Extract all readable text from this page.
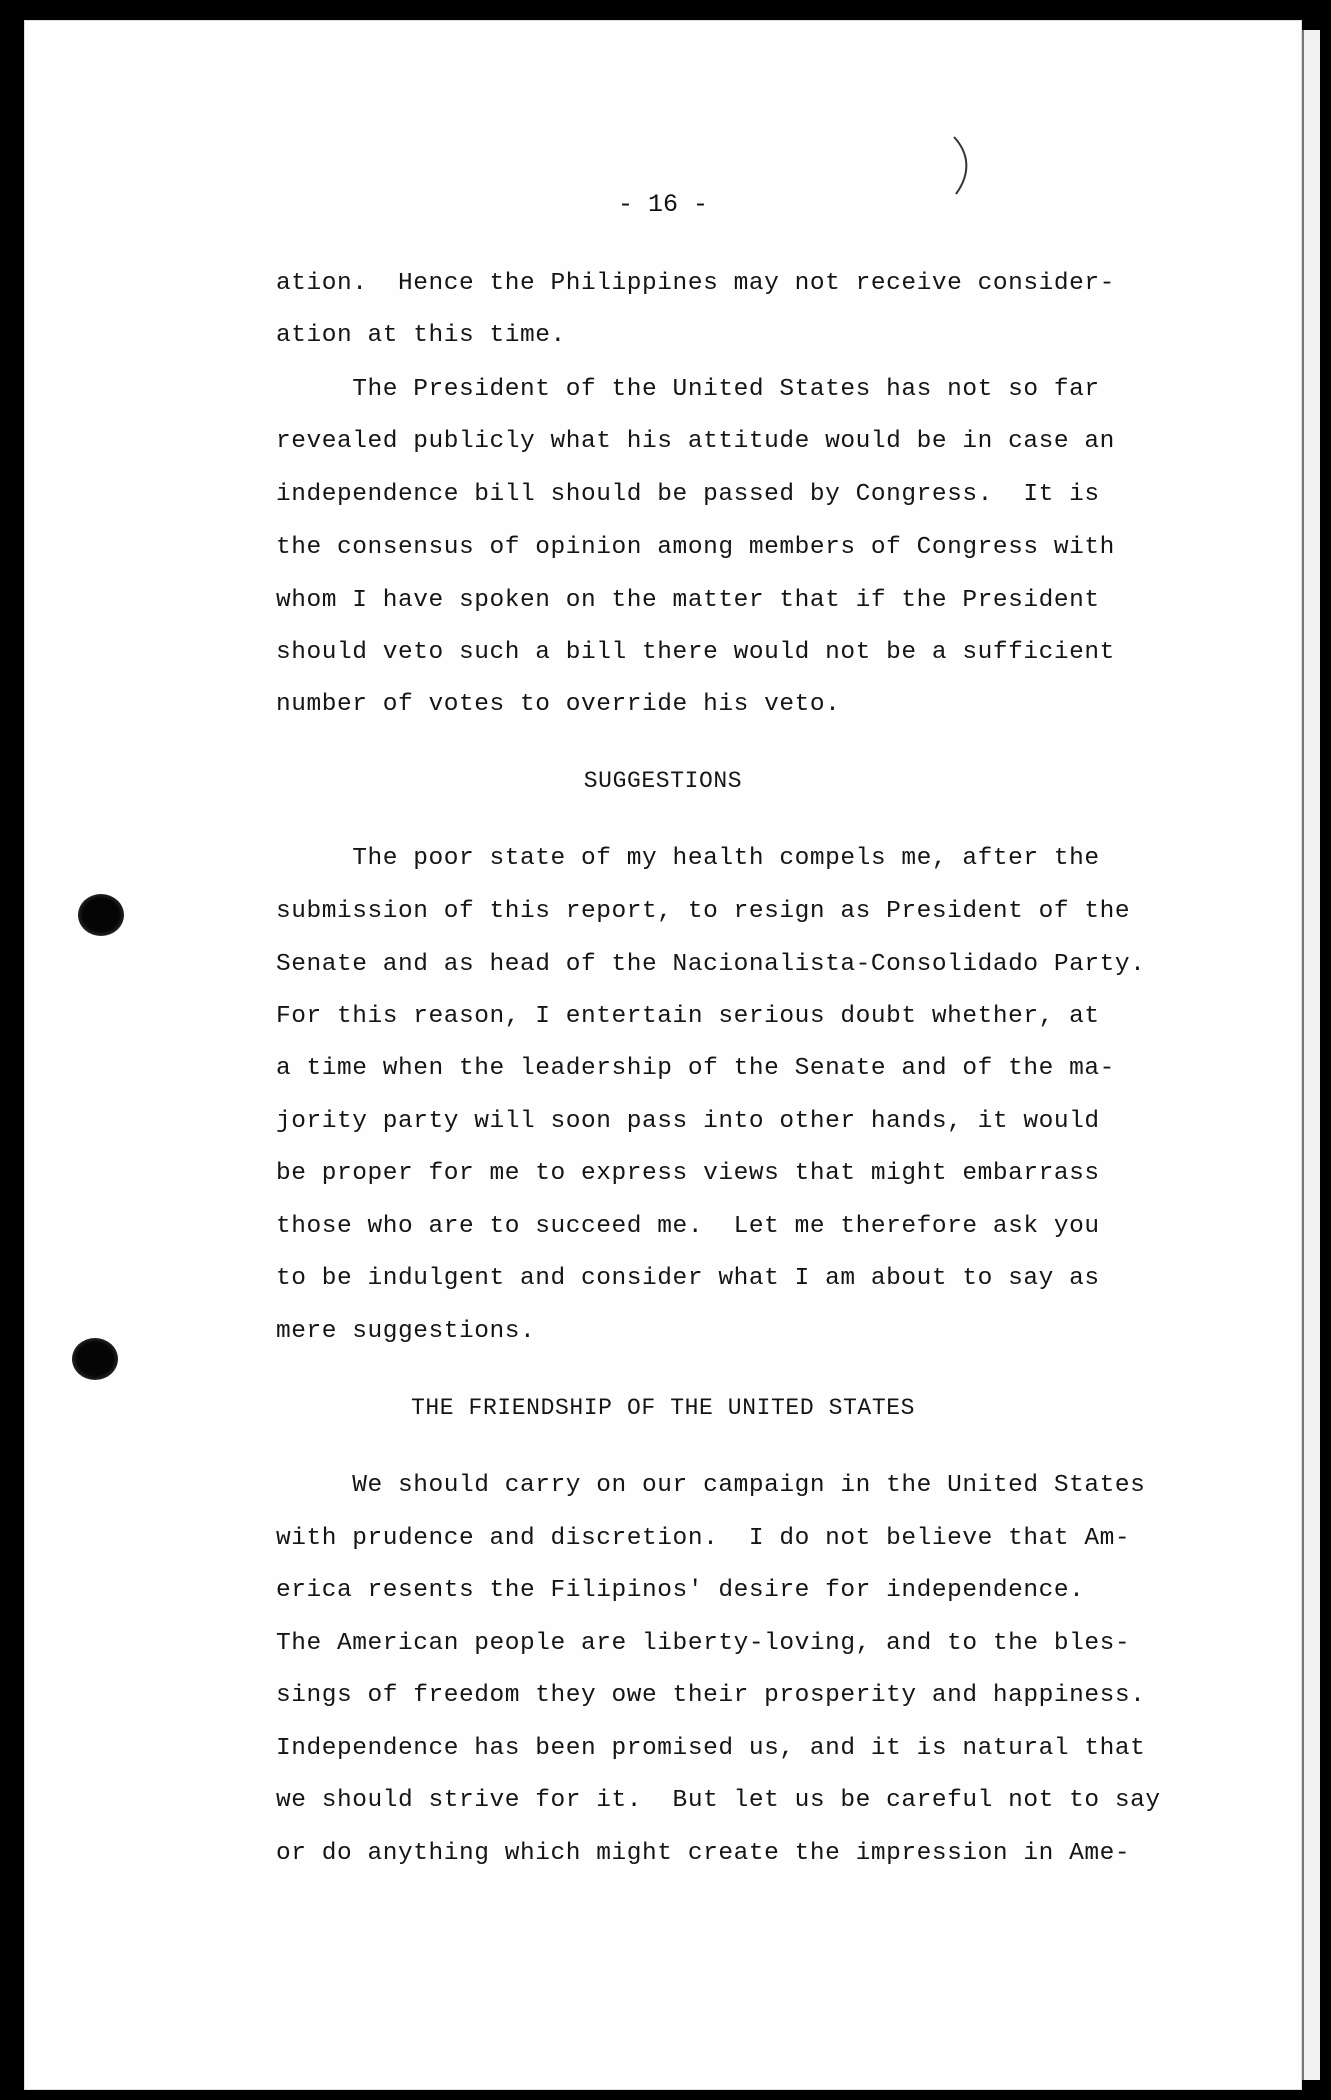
- 16 -
ation.  Hence the Philippines may not receive consider-
ation at this time.
The President of the United States has not so far
revealed publicly what his attitude would be in case an
independence bill should be passed by Congress.  It is
the consensus of opinion among members of Congress with
whom I have spoken on the matter that if the President
should veto such a bill there would not be a sufficient
number of votes to override his veto.
SUGGESTIONS
The poor state of my health compels me, after the
submission of this report, to resign as President of the
Senate and as head of the Nacionalista-Consolidado Party.
For this reason, I entertain serious doubt whether, at
a time when the leadership of the Senate and of the ma-
jority party will soon pass into other hands, it would
be proper for me to express views that might embarrass
those who are to succeed me.  Let me therefore ask you
to be indulgent and consider what I am about to say as
mere suggestions.
THE FRIENDSHIP OF THE UNITED STATES
We should carry on our campaign in the United States
with prudence and discretion.  I do not believe that Am-
erica resents the Filipinos' desire for independence.
The American people are liberty-loving, and to the bles-
sings of freedom they owe their prosperity and happiness.
Independence has been promised us, and it is natural that
we should strive for it.  But let us be careful not to say
or do anything which might create the impression in Ame-
